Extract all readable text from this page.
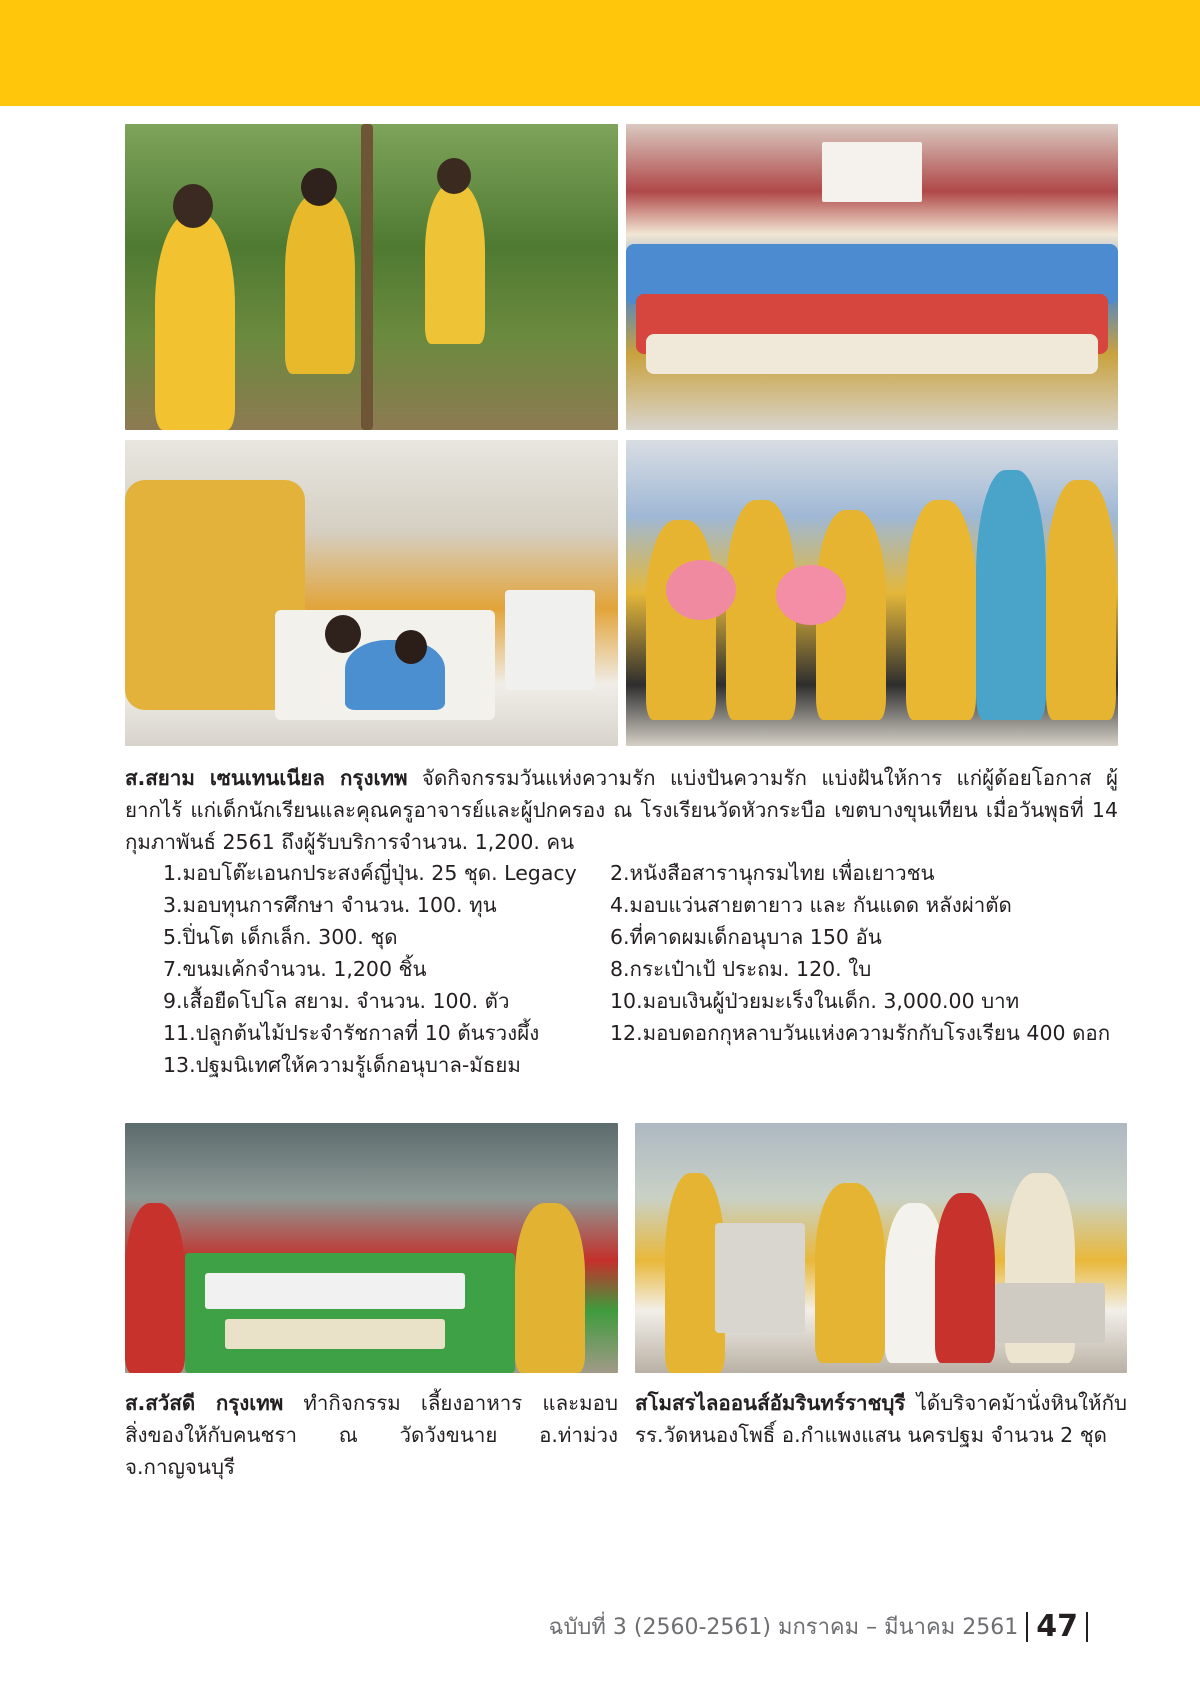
ส.สยาม เซนเทนเนียล กรุงเทพ จัดกิจกรรมวันแห่งความรัก แบ่งปันความรัก แบ่งฝันให้การ แก่ผู้ด้อยโอกาส ผู้ยากไร้ แก่เด็กนักเรียนและคุณครูอาจารย์และผู้ปกครอง ณ โรงเรียนวัดหัวกระบือ เขตบางขุนเทียน เมื่อวันพุธที่ 14 กุมภาพันธ์ 2561 ถึงผู้รับบริการจำนวน. 1,200. คน
1.มอบโต๊ะเอนกประสงค์ญี่ปุ่น. 25 ชุด. Legacy
3.มอบทุนการศึกษา จำนวน. 100. ทุน
5.ปิ่นโต เด็กเล็ก. 300. ชุด
7.ขนมเค้กจำนวน. 1,200 ชิ้น
9.เสื้อยืดโปโล สยาม. จำนวน. 100. ตัว
11.ปลูกต้นไม้ประจำรัชกาลที่ 10 ต้นรวงผึ้ง
13.ปฐมนิเทศให้ความรู้เด็กอนุบาล-มัธยม
2.หนังสือสารานุกรมไทย เพื่อเยาวชน
4.มอบแว่นสายตายาว และ กันแดด หลังผ่าตัด
6.ที่คาดผมเด็กอนุบาล 150 อัน
8.กระเป๋าเป้ ประถม. 120. ใบ
10.มอบเงินผู้ป่วยมะเร็งในเด็ก. 3,000.00 บาท
12.มอบดอกกุหลาบวันแห่งความรักกับโรงเรียน 400 ดอก
ส.สวัสดี กรุงเทพ ทำกิจกรรม เลี้ยงอาหาร และมอบสิ่งของให้กับคนชรา ณ วัดวังขนาย อ.ท่าม่วง จ.กาญจนบุรี
สโมสรไลออนส์อัมรินทร์ราชบุรี ได้บริจาคม้านั่งหินให้กับ รร.วัดหนองโพธิ์ อ.กำแพงแสน นครปฐม จำนวน 2 ชุด
ฉบับที่ 3 (2560-2561) มกราคม – มีนาคม 2561 47
